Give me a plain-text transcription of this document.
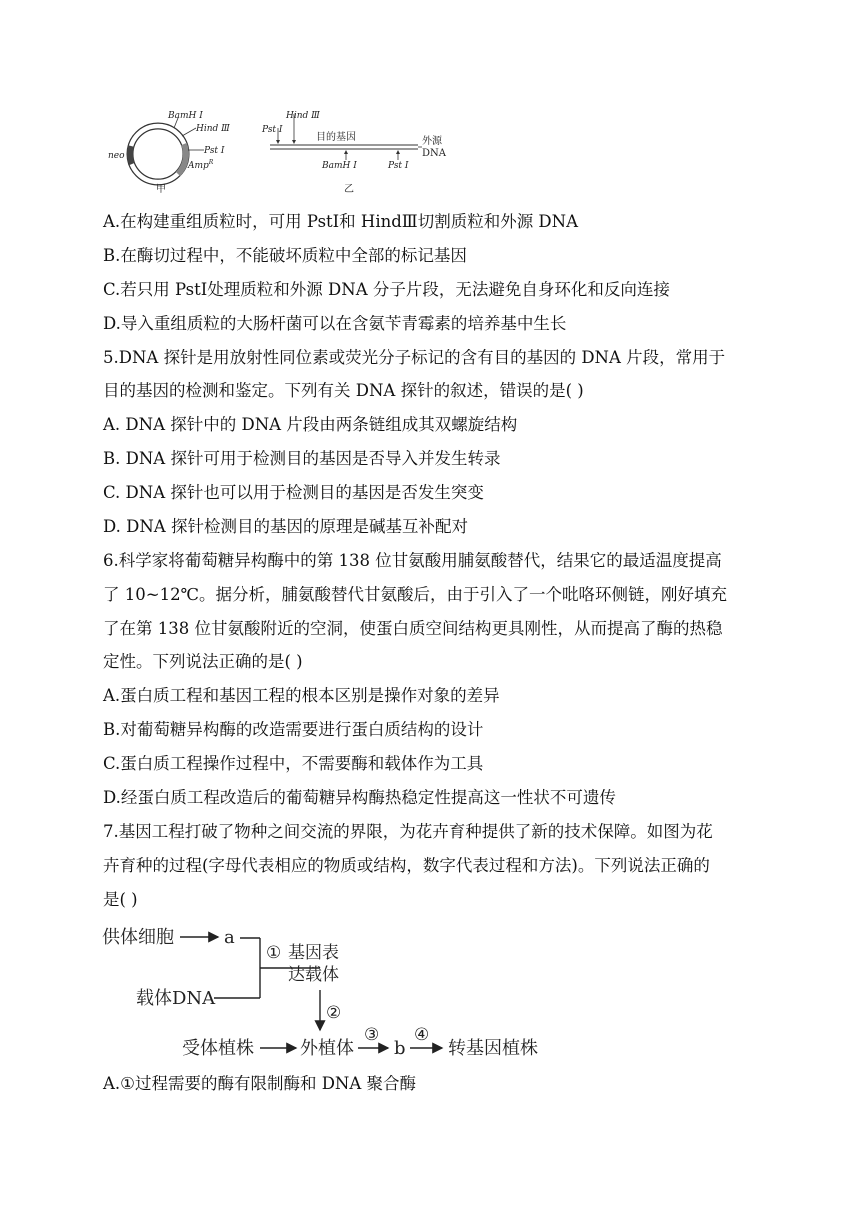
BamH Ⅰ
Hind Ⅲ
Pst Ⅰ
Amp$^R$
neo
甲
Hind Ⅲ
Pst Ⅰ
目的基因	外源
DNA
BamH Ⅰ	Pst Ⅰ
乙
A.在构建重组质粒时，可用 PstⅠ和 HindⅢ切割质粒和外源 DNA
B.在酶切过程中，不能破坏质粒中全部的标记基因
C.若只用 PstⅠ处理质粒和外源 DNA 分子片段，无法避免自身环化和反向连接
D.导入重组质粒的大肠杆菌可以在含氨苄青霉素的培养基中生长
5.DNA 探针是用放射性同位素或荧光分子标记的含有目的基因的 DNA 片段，常用于
目的基因的检测和鉴定。下列有关 DNA 探针的叙述，错误的是( )
A. DNA 探针中的 DNA 片段由两条链组成其双螺旋结构
B. DNA 探针可用于检测目的基因是否导入并发生转录
C. DNA 探针也可以用于检测目的基因是否发生突变
D. DNA 探针检测目的基因的原理是碱基互补配对
6.科学家将葡萄糖异构酶中的第 138 位甘氨酸用脯氨酸替代，结果它的最适温度提高
了 10~12℃。据分析，脯氨酸替代甘氨酸后，由于引入了一个吡咯环侧链，刚好填充
了在第 138 位甘氨酸附近的空洞，使蛋白质空间结构更具刚性，从而提高了酶的热稳
定性。下列说法正确的是( )
A.蛋白质工程和基因工程的根本区别是操作对象的差异
B.对葡萄糖异构酶的改造需要进行蛋白质结构的设计
C.蛋白质工程操作过程中，不需要酶和载体作为工具
D.经蛋白质工程改造后的葡萄糖异构酶热稳定性提高这一性状不可遗传
7.基因工程打破了物种之间交流的界限，为花卉育种提供了新的技术保障。如图为花
卉育种的过程(字母代表相应的物质或结构，数字代表过程和方法)。下列说法正确的
是( )
供体细胞	a
载体DNA
① 基因表
达载体
②
受体植株	外植体
③
b
④
转基因植株
A.①过程需要的酶有限制酶和 DNA 聚合酶
